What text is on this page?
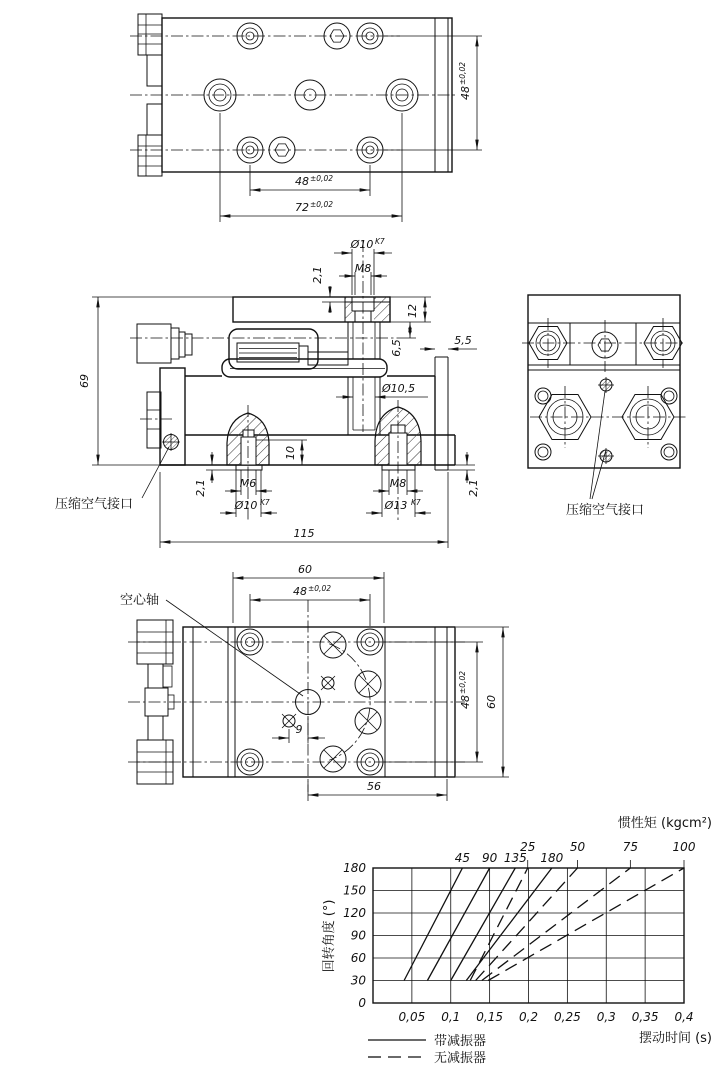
48
±0,02
48 ±0,02
72 ±0,02
Ø10 K7
M8
2,1
12
6,5	5,5
Ø10,5
69
10
2,1	M6
Ø10 K7
M8
Ø13 K7
2,1
115
压缩空气接口	压缩空气接口
60
48 ±0,02
空心轴
9
56
48
±0,02
60
0,05 0,1 0,15 0,2 0,25 0,3 0,35 0,4
0
30
60
90
120
150
180
45 90 135 180
25	50	75	100
惯性矩 (kgcm²)
摆动时间 (s)
回转角度 (°)
带减振器
无减振器
